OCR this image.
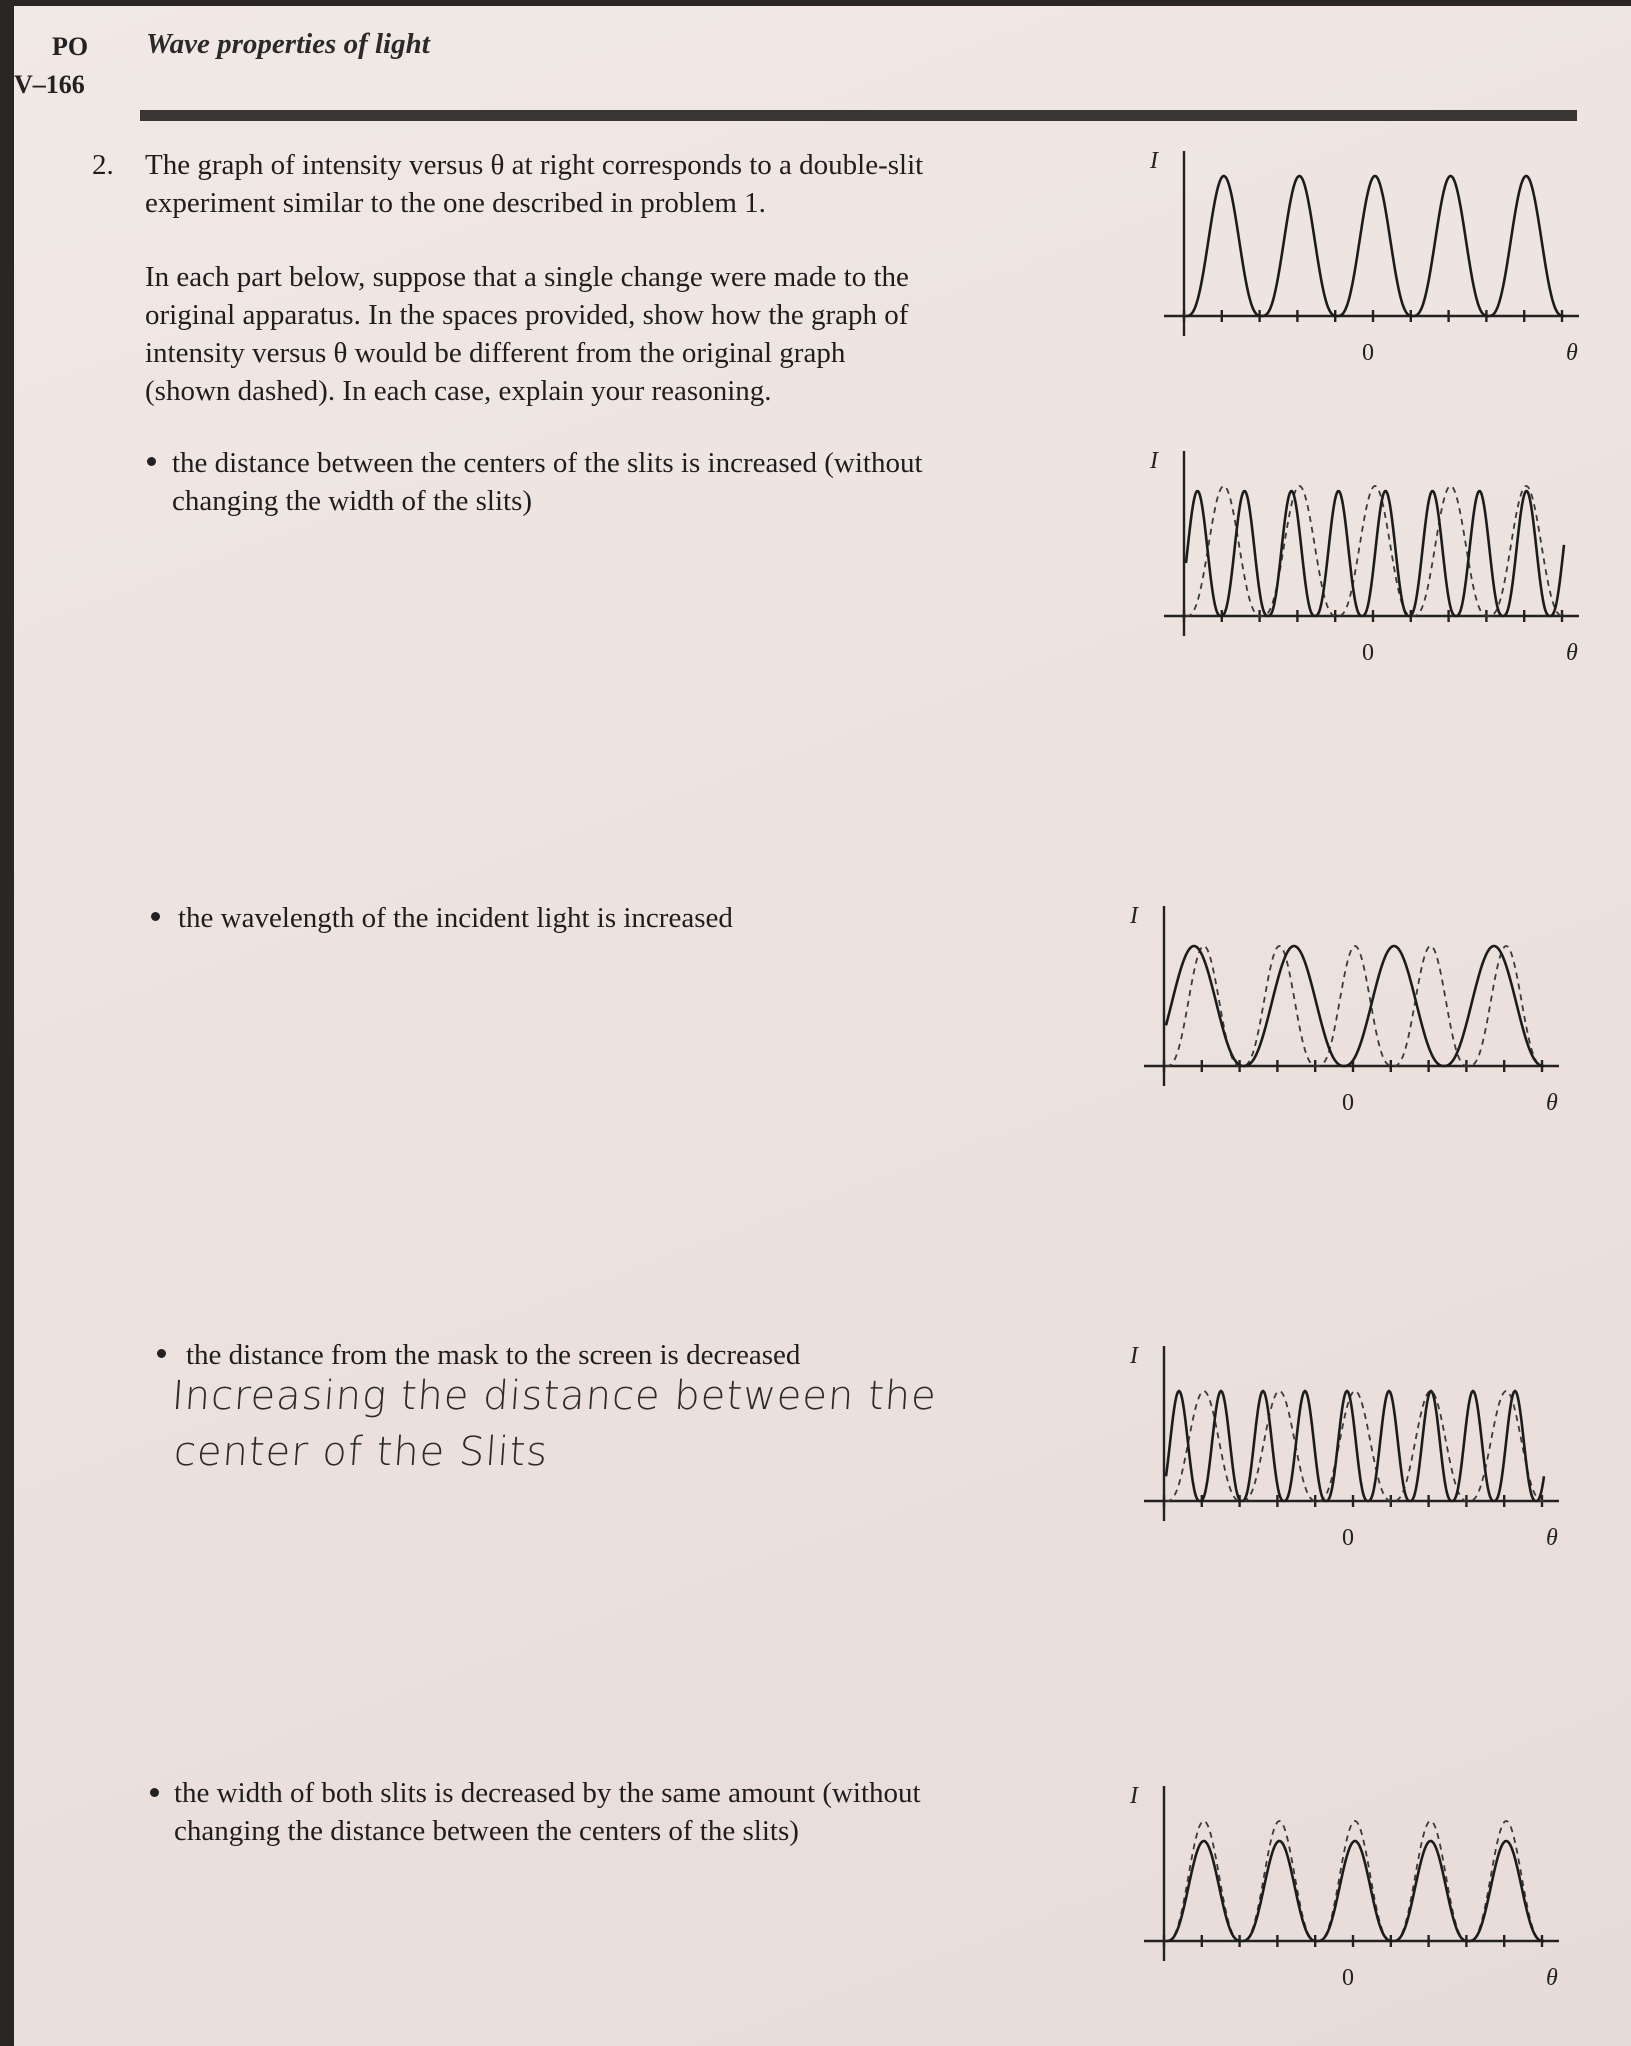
PO
V–166
Wave properties of light
2. The graph of intensity versus θ at right corresponds to a double-slit
experiment similar to the one described in problem 1.
In each part below, suppose that a single change were made to the
original apparatus. In the spaces provided, show how the graph of
intensity versus θ would be different from the original graph
(shown dashed). In each case, explain your reasoning.
the distance between the centers of the slits is increased (without
changing the width of the slits)
the wavelength of the incident light is increased
the distance from the mask to the screen is decreased
Increasing the distance between the
center of the Slits
the width of both slits is decreased by the same amount (without
changing the distance between the centers of the slits)
I
θ
0
I
θ
0
I
θ
0
I
θ
0
I
θ
0
